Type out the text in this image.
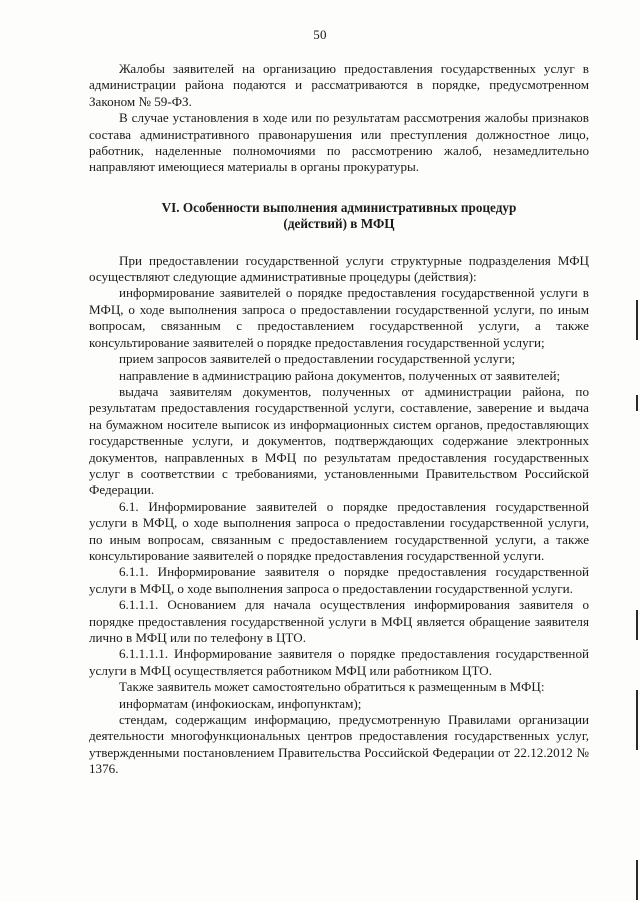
50

Жалобы заявителей на организацию предоставления государственных услуг в администрации района подаются и рассматриваются в порядке, предусмотренном Законом № 59-ФЗ.

В случае установления в ходе или по результатам рассмотрения жалобы признаков состава административного правонарушения или преступления должностное лицо, работник, наделенные полномочиями по рассмотрению жалоб, незамедлительно направляют имеющиеся материалы в органы прокуратуры.

VI. Особенности выполнения административных процедур
(действий) в МФЦ

При предоставлении государственной услуги структурные подразделения МФЦ осуществляют следующие административные процедуры (действия):

информирование заявителей о порядке предоставления государственной услуги в МФЦ, о ходе выполнения запроса о предоставлении государственной услуги, по иным вопросам, связанным с предоставлением государственной услуги, а также консультирование заявителей о порядке предоставления государственной услуги;

прием запросов заявителей о предоставлении государственной услуги;

направление в администрацию района документов, полученных от заявителей;

выдача заявителям документов, полученных от администрации района, по результатам предоставления государственной услуги, составление, заверение и выдача на бумажном носителе выписок из информационных систем органов, предоставляющих государственные услуги, и документов, подтверждающих содержание электронных документов, направленных в МФЦ по результатам предоставления государственных услуг в соответствии с требованиями, установленными Правительством Российской Федерации.

6.1. Информирование заявителей о порядке предоставления государственной услуги в МФЦ, о ходе выполнения запроса о предоставлении государственной услуги, по иным вопросам, связанным с предоставлением государственной услуги, а также консультирование заявителей о порядке предоставления государственной услуги.

6.1.1. Информирование заявителя о порядке предоставления государственной услуги в МФЦ, о ходе выполнения запроса о предоставлении государственной услуги.

6.1.1.1. Основанием для начала осуществления информирования заявителя о порядке предоставления государственной услуги в МФЦ является обращение заявителя лично в МФЦ или по телефону в ЦТО.

6.1.1.1.1. Информирование заявителя о порядке предоставления государственной услуги в МФЦ осуществляется работником МФЦ или работником ЦТО.

Также заявитель может самостоятельно обратиться к размещенным в МФЦ:

информатам (инфокиоскам, инфопунктам);

стендам, содержащим информацию, предусмотренную Правилами организации деятельности многофункциональных центров предоставления государственных услуг, утвержденными постановлением Правительства Российской Федерации от 22.12.2012 № 1376.
